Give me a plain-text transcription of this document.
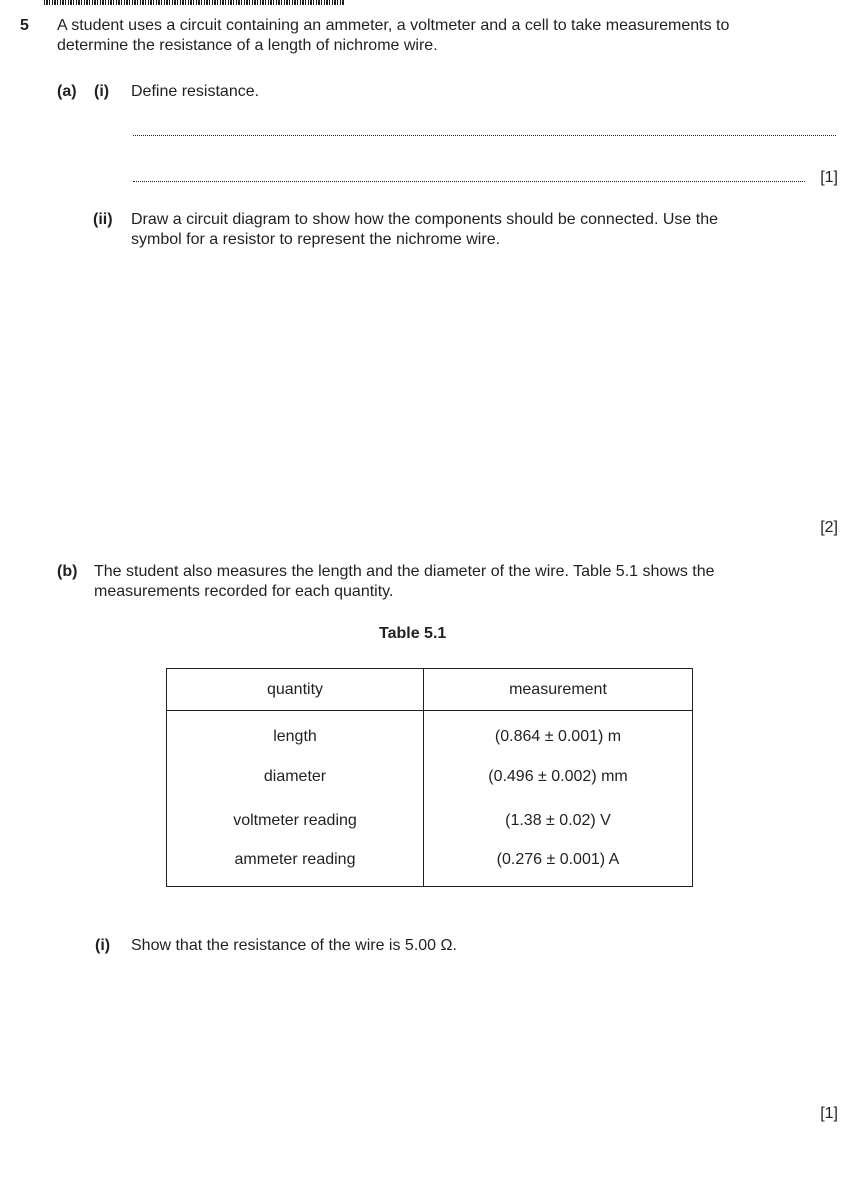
5 A student uses a circuit containing an ammeter, a voltmeter and a cell to take measurements to
determine the resistance of a length of nichrome wire.
(a) (i) Define resistance.
[1]
(ii) Draw a circuit diagram to show how the components should be connected. Use the
symbol for a resistor to represent the nichrome wire.
[2]
(b) The student also measures the length and the diameter of the wire. Table 5.1 shows the
measurements recorded for each quantity.
Table 5.1
quantity	measurement
length	(0.864 ± 0.001) m
diameter	(0.496 ± 0.002) mm
voltmeter reading	(1.38 ± 0.02) V
ammeter reading	(0.276 ± 0.001) A
(i) Show that the resistance of the wire is 5.00 Ω.
[1]
